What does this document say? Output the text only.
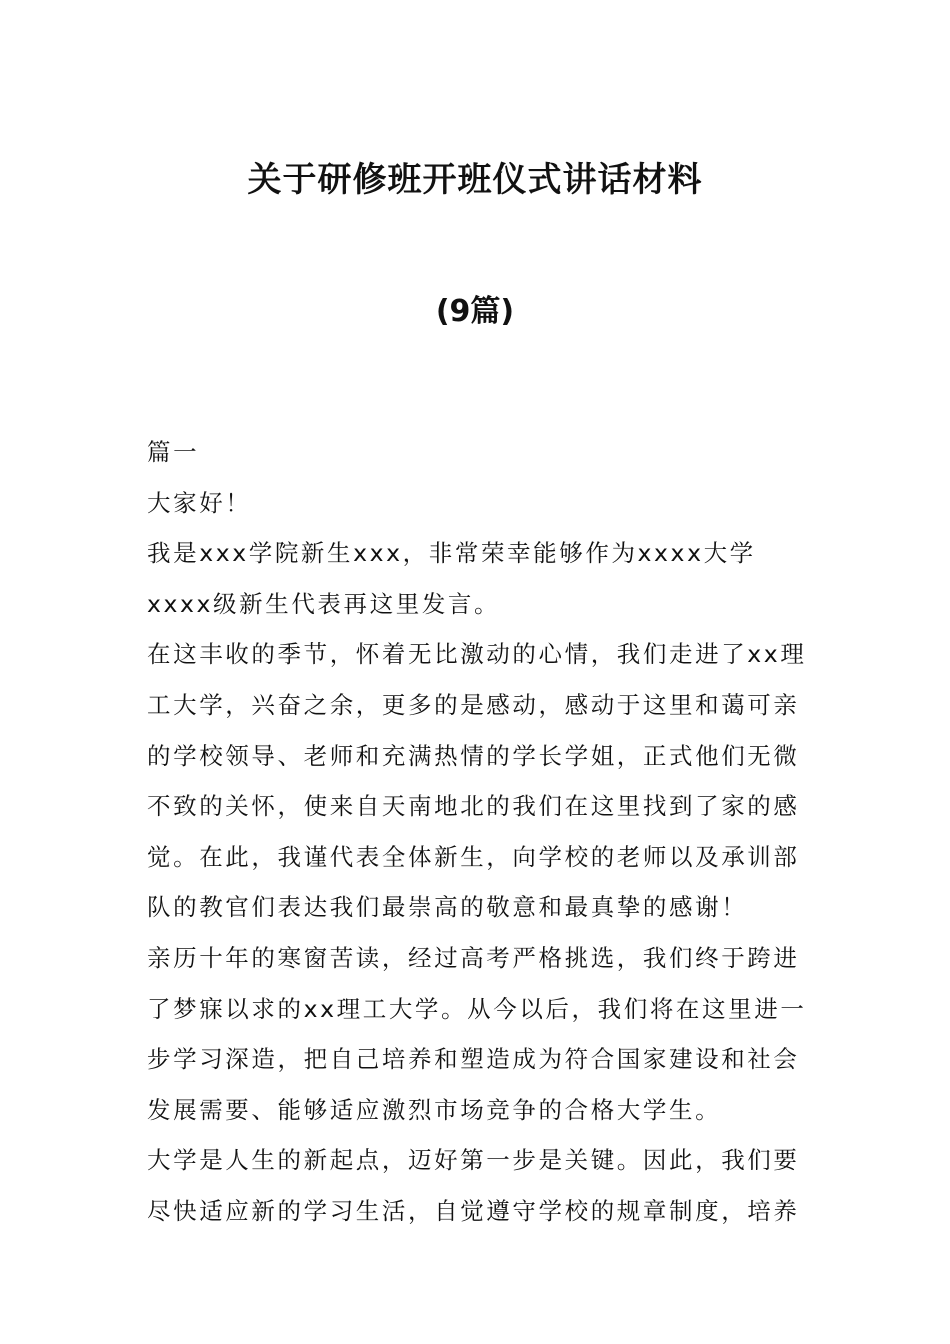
关于研修班开班仪式讲话材料
(9篇)

篇一

大家好！

我是xxx学院新生xxx，非常荣幸能够作为xxxx大学xxxx级新生代表再这里发言。

在这丰收的季节，怀着无比激动的心情，我们走进了xx理工大学，兴奋之余，更多的是感动，感动于这里和蔼可亲的学校领导、老师和充满热情的学长学姐，正式他们无微不致的关怀，使来自天南地北的我们在这里找到了家的感觉。在此，我谨代表全体新生，向学校的老师以及承训部队的教官们表达我们最崇高的敬意和最真挚的感谢！

亲历十年的寒窗苦读，经过高考严格挑选，我们终于跨进了梦寐以求的xx理工大学。从今以后，我们将在这里进一步学习深造，把自己培养和塑造成为符合国家建设和社会发展需要、能够适应激烈市场竞争的合格大学生。

大学是人生的新起点，迈好第一步是关键。因此，我们要尽快适应新的学习生活，自觉遵守学校的规章制度，培养
